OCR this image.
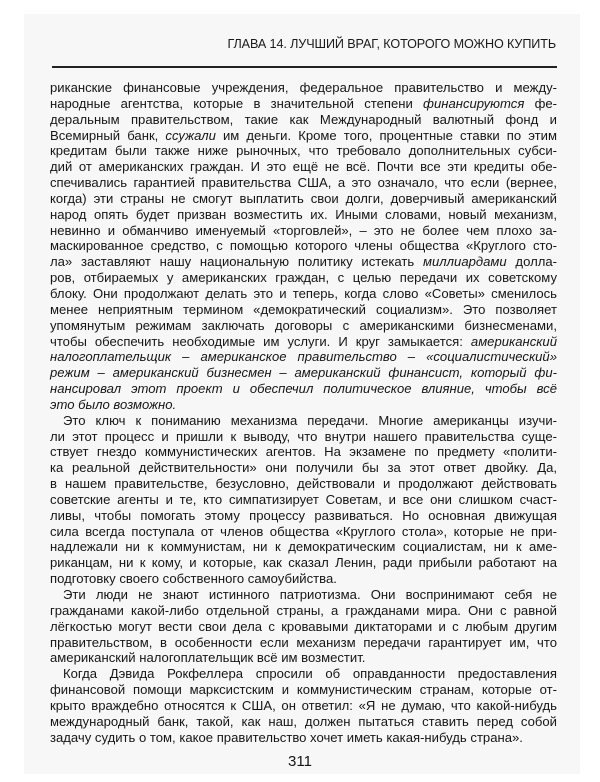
ГЛАВА 14. ЛУЧШИЙ ВРАГ, КОТОРОГО МОЖНО КУПИТЬ
риканские финансовые учреждения, федеральное правительство и между-
народные агентства, которые в значительной степени финансируются фе-
деральным правительством, такие как Международный валютный фонд и
Всемирный банк, ссужали им деньги. Кроме того, процентные ставки по этим
кредитам были также ниже рыночных, что требовало дополнительных субси-
дий от американских граждан. И это ещё не всё. Почти все эти кредиты обе-
спечивались гарантией правительства США, а это означало, что если (вернее,
когда) эти страны не смогут выплатить свои долги, доверчивый американский
народ опять будет призван возместить их. Иными словами, новый механизм,
невинно и обманчиво именуемый «торговлей», – это не более чем плохо за-
маскированное средство, с помощью которого члены общества «Круглого сто-
ла» заставляют нашу национальную политику истекать миллиардами долла-
ров, отбираемых у американских граждан, с целью передачи их советскому
блоку. Они продолжают делать это и теперь, когда слово «Советы» сменилось
менее неприятным термином «демократический социализм». Это позволяет
упомянутым режимам заключать договоры с американскими бизнесменами,
чтобы обеспечить необходимые им услуги. И круг замыкается: американский
налогоплательщик – американское правительство – «социалистический»
режим – американский бизнесмен – американский финансист, который фи-
нансировал этот проект и обеспечил политическое влияние, чтобы всё
это было возможно.
Это ключ к пониманию механизма передачи. Многие американцы изучи-
ли этот процесс и пришли к выводу, что внутри нашего правительства суще-
ствует гнездо коммунистических агентов. На экзамене по предмету «полити-
ка реальной действительности» они получили бы за этот ответ двойку. Да,
в нашем правительстве, безусловно, действовали и продолжают действовать
советские агенты и те, кто симпатизирует Советам, и все они слишком счаст-
ливы, чтобы помогать этому процессу развиваться. Но основная движущая
сила всегда поступала от членов общества «Круглого стола», которые не при-
надлежали ни к коммунистам, ни к демократическим социалистам, ни к аме-
риканцам, ни к кому, и которые, как сказал Ленин, ради прибыли работают на
подготовку своего собственного самоубийства.
Эти люди не знают истинного патриотизма. Они воспринимают себя не
гражданами какой-либо отдельной страны, а гражданами мира. Они с равной
лёгкостью могут вести свои дела с кровавыми диктаторами и с любым другим
правительством, в особенности если механизм передачи гарантирует им, что
американский налогоплательщик всё им возместит.
Когда Дэвида Рокфеллера спросили об оправданности предоставления
финансовой помощи марксистским и коммунистическим странам, которые от-
крыто враждебно относятся к США, он ответил: «Я не думаю, что какой-нибудь
международный банк, такой, как наш, должен пытаться ставить перед собой
задачу судить о том, какое правительство хочет иметь какая-нибудь страна».
311
